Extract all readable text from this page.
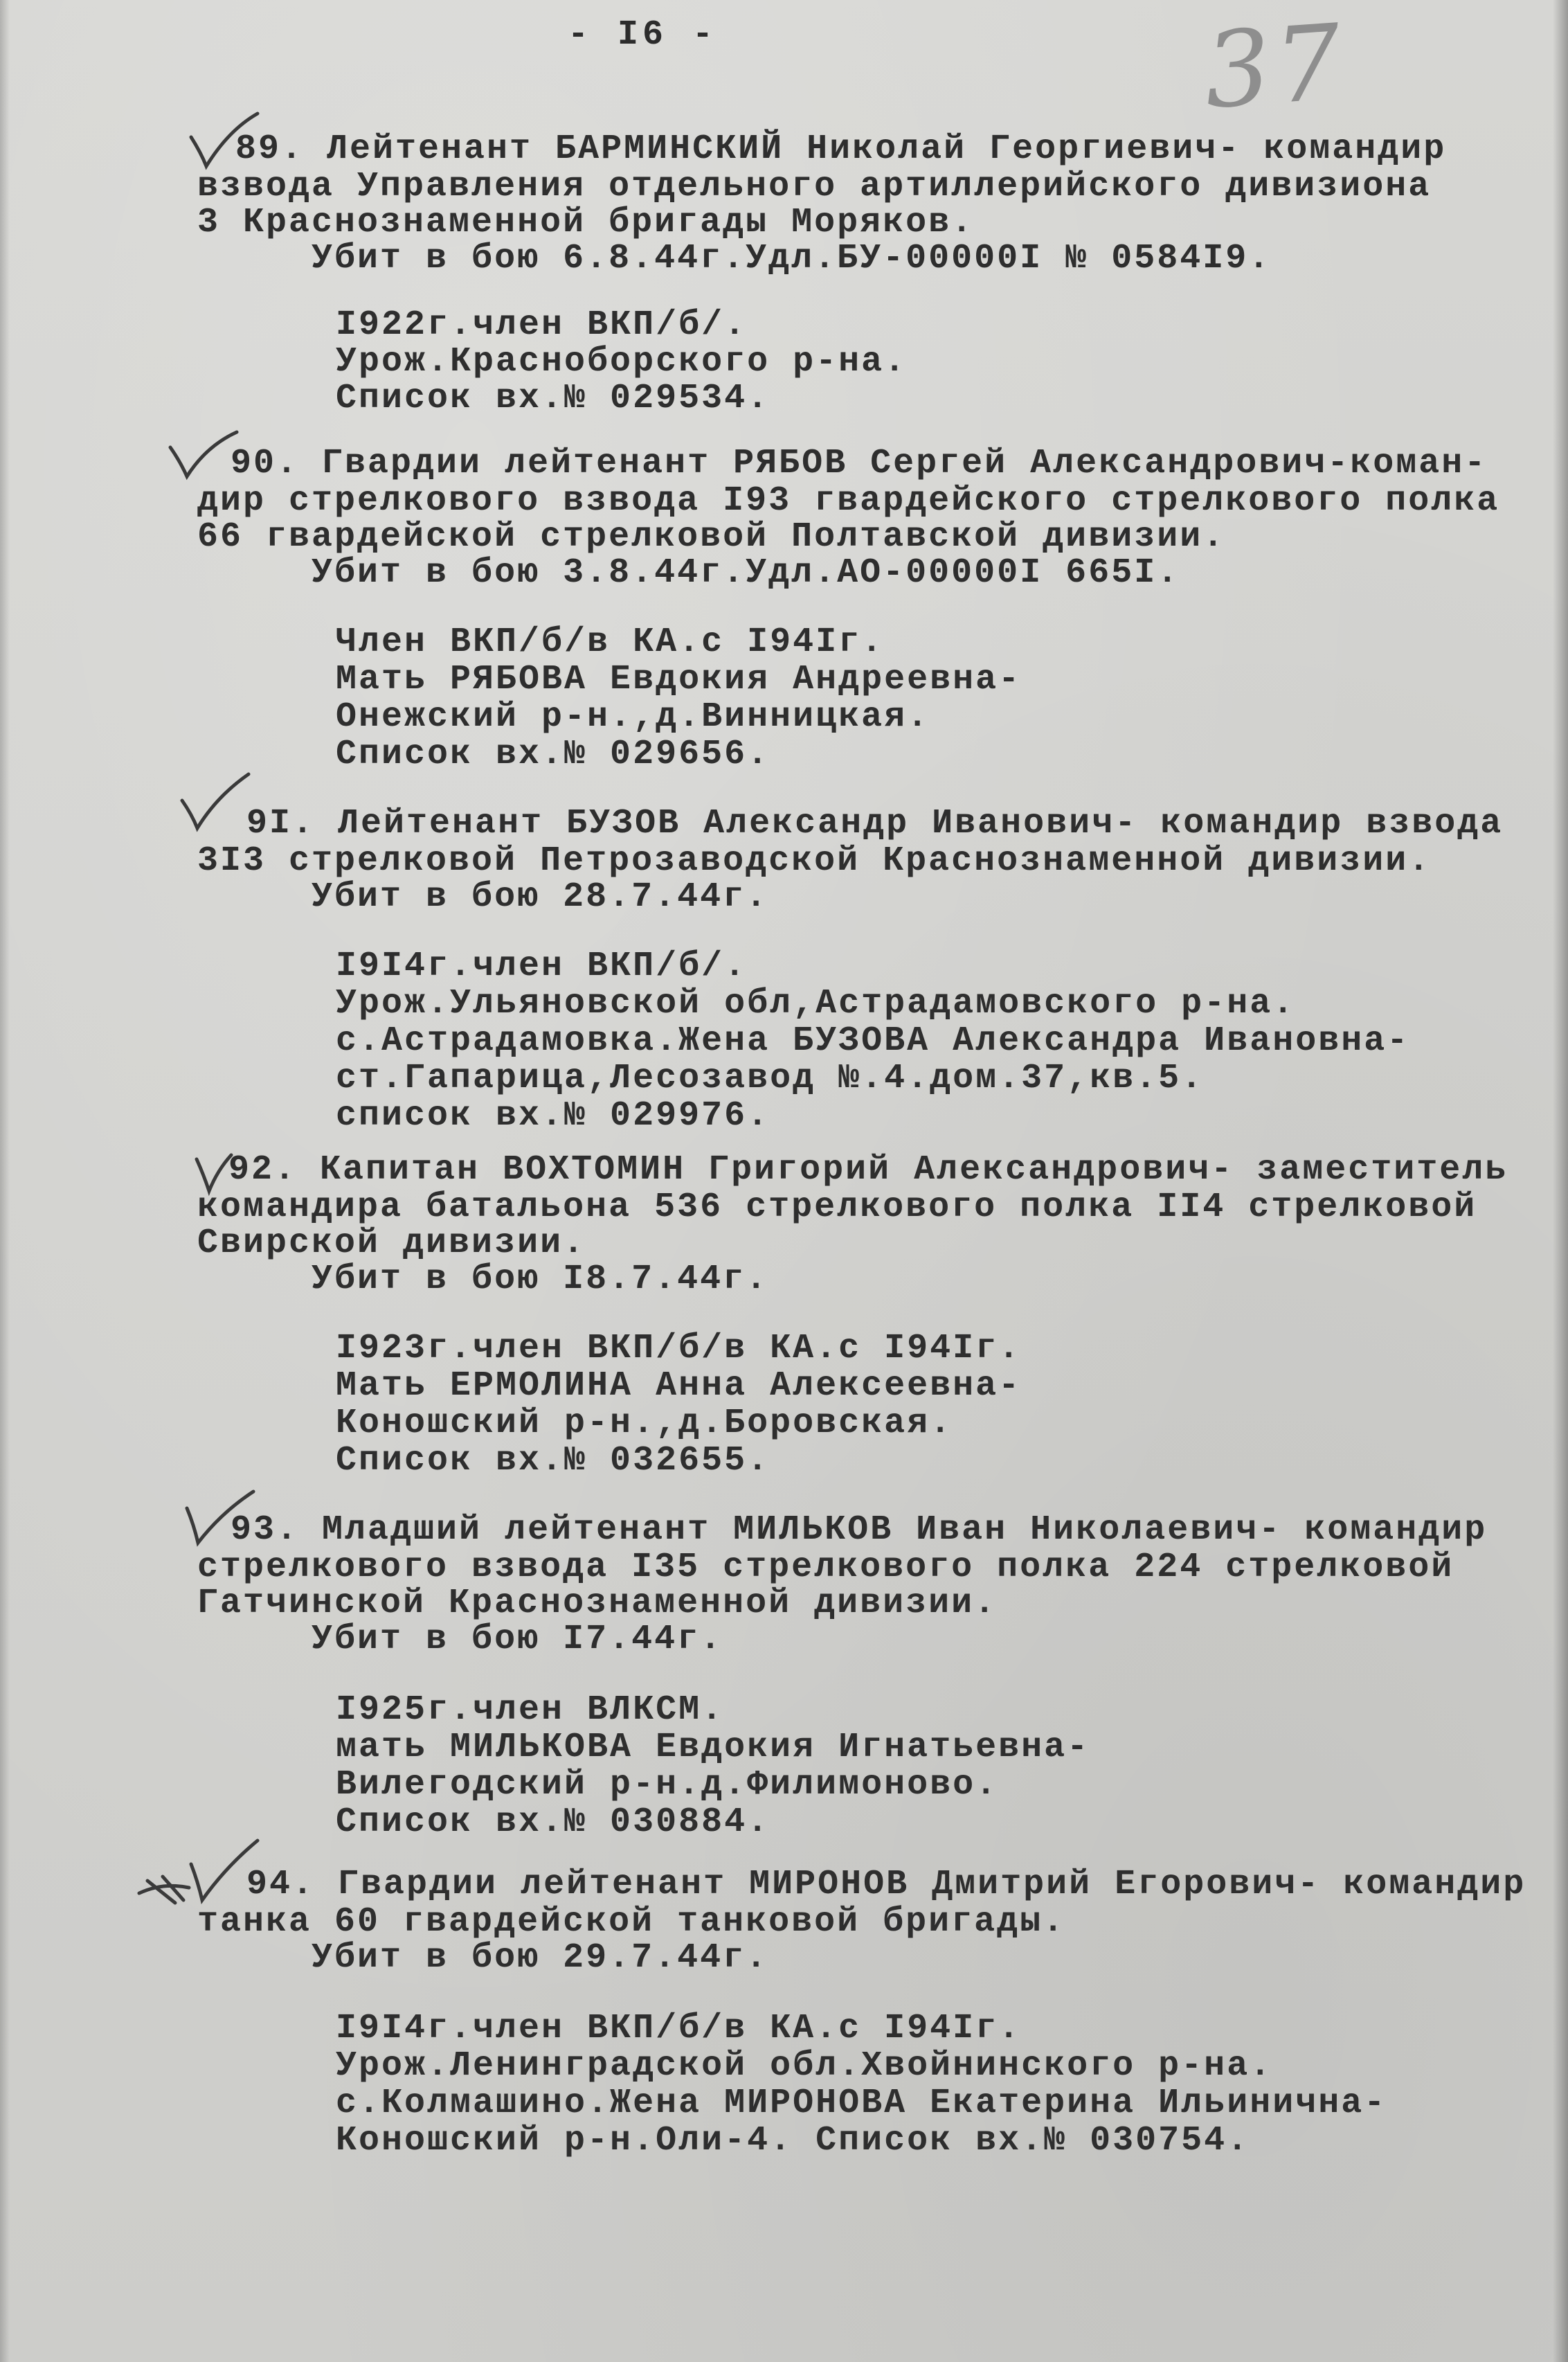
- I6 -	37
89. Лейтенант БАРМИНСКИЙ Николай Георгиевич- командир
взвода Управления отдельного артиллерийского дивизиона
3 Краснознаменной бригады Моряков.
Убит в бою 6.8.44г.Удл.БУ-00000I № 0584I9.
I922г.член ВКП/б/.
Урож.Красноборского р-на.
Список вх.№ 029534.
90. Гвардии лейтенант РЯБОВ Сергей Александрович-коман-
дир стрелкового взвода I93 гвардейского стрелкового полка
66 гвардейской стрелковой Полтавской дивизии.
Убит в бою 3.8.44г.Удл.АО-00000I 665I.
Член ВКП/б/в КА.с I94Iг.
Мать РЯБОВА Евдокия Андреевна-
Онежский р-н.,д.Винницкая.
Список вх.№ 029656.
9I. Лейтенант БУЗОВ Александр Иванович- командир взвода
3I3 стрелковой Петрозаводской Краснознаменной дивизии.
Убит в бою 28.7.44г.
I9I4г.член ВКП/б/.
Урож.Ульяновской обл,Астрадамовского р-на.
с.Астрадамовка.Жена БУЗОВА Александра Ивановна-
ст.Гапарица,Лесозавод №.4.дом.37,кв.5.
список вх.№ 029976.
92. Капитан ВОХТОМИН Григорий Александрович- заместитель
командира батальона 536 стрелкового полка II4 стрелковой
Свирской дивизии.
Убит в бою I8.7.44г.
I923г.член ВКП/б/в КА.с I94Iг.
Мать ЕРМОЛИНА Анна Алексеевна-
Коношский р-н.,д.Боровская.
Список вх.№ 032655.
93. Младший лейтенант МИЛЬКОВ Иван Николаевич- командир
стрелкового взвода I35 стрелкового полка 224 стрелковой
Гатчинской Краснознаменной дивизии.
Убит в бою I7.44г.
I925г.член ВЛКСМ.
мать МИЛЬКОВА Евдокия Игнатьевна-
Вилегодский р-н.д.Филимоново.
Список вх.№ 030884.
94. Гвардии лейтенант МИРОНОВ Дмитрий Егорович- командир
танка 60 гвардейской танковой бригады.
Убит в бою 29.7.44г.
I9I4г.член ВКП/б/в КА.с I94Iг.
Урож.Ленинградской обл.Хвойнинского р-на.
с.Колмашино.Жена МИРОНОВА Екатерина Ильинична-
Коношский р-н.Оли-4. Список вх.№ 030754.
